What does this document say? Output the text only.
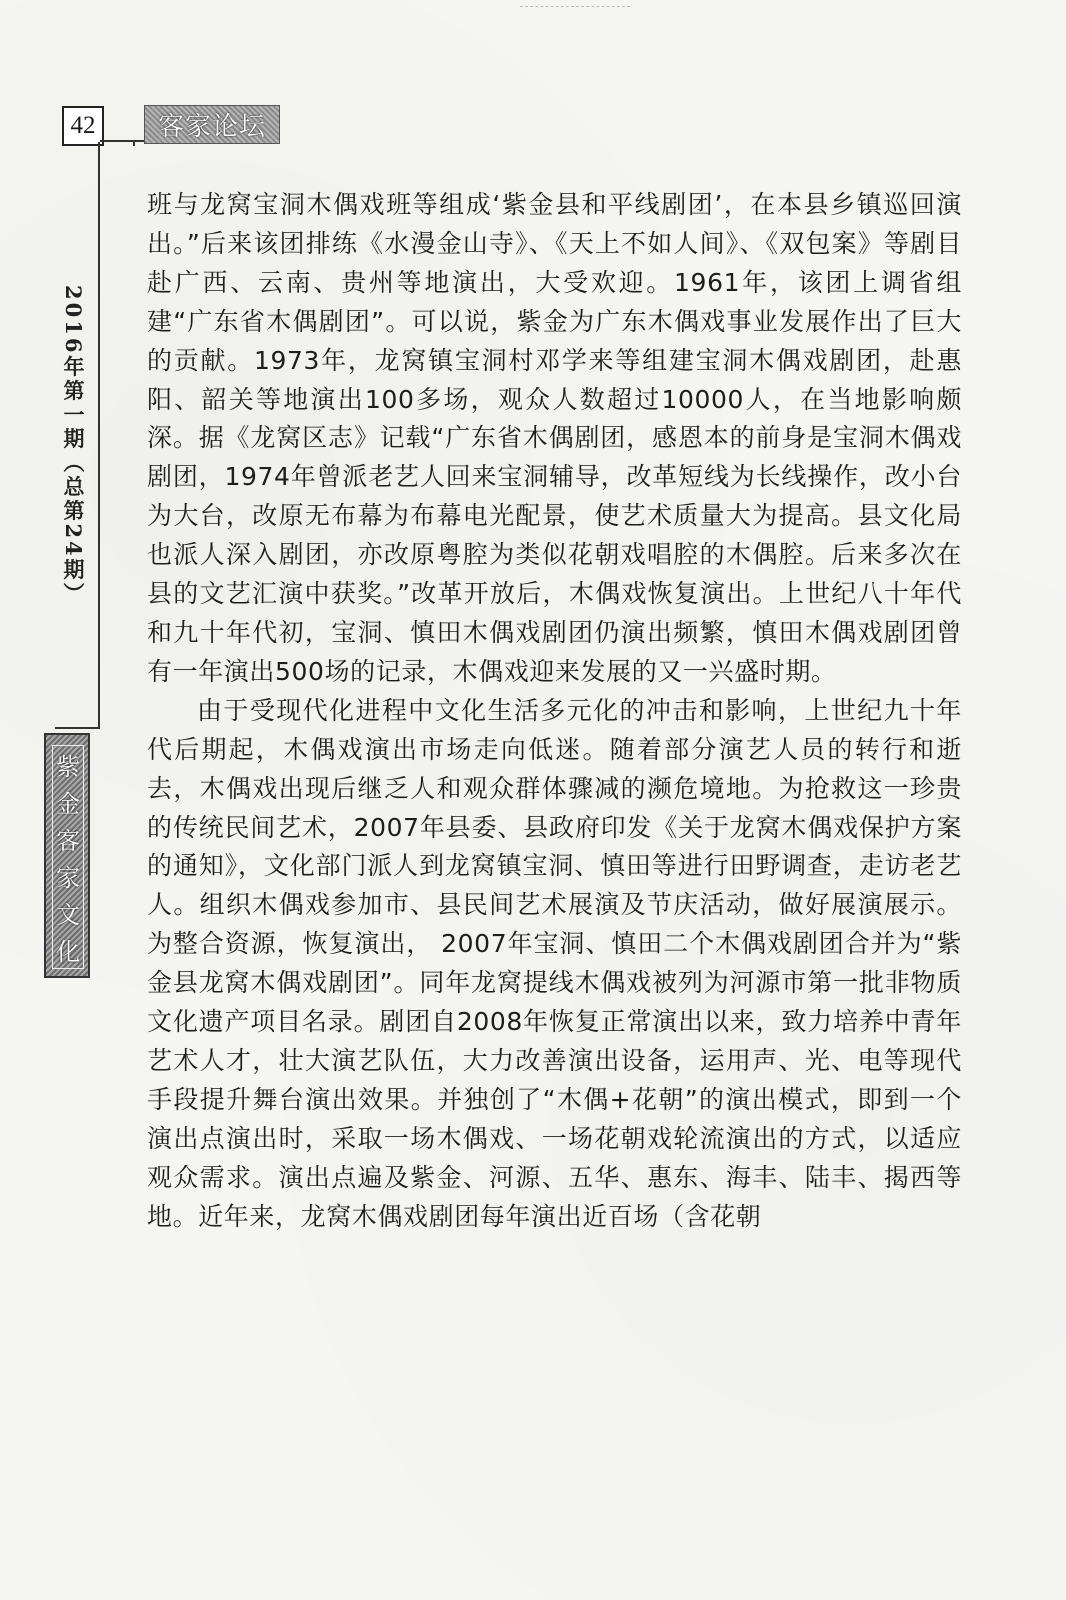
42 客家论坛
2016年第一期（总第24期）
紫
金
客
家
文
化

班与龙窝宝洞木偶戏班等组成‘紫金县和平线剧团’，在本县乡镇巡回演出。”后来该团排练《水漫金山寺》、《天上不如人间》、《双包案》等剧目赴广西、云南、贵州等地演出，大受欢迎。1961年，该团上调省组建“广东省木偶剧团”。可以说，紫金为广东木偶戏事业发展作出了巨大的贡献。1973年，龙窝镇宝洞村邓学来等组建宝洞木偶戏剧团，赴惠阳、韶关等地演出100多场，观众人数超过10000人，在当地影响颇深。据《龙窝区志》记载“广东省木偶剧团，感恩本的前身是宝洞木偶戏剧团，1974年曾派老艺人回来宝洞辅导，改革短线为长线操作，改小台为大台，改原无布幕为布幕电光配景，使艺术质量大为提高。县文化局也派人深入剧团，亦改原粤腔为类似花朝戏唱腔的木偶腔。后来多次在县的文艺汇演中获奖。”改革开放后，木偶戏恢复演出。上世纪八十年代和九十年代初，宝洞、慎田木偶戏剧团仍演出频繁，慎田木偶戏剧团曾有一年演出500场的记录，木偶戏迎来发展的又一兴盛时期。

由于受现代化进程中文化生活多元化的冲击和影响，上世纪九十年代后期起，木偶戏演出市场走向低迷。随着部分演艺人员的转行和逝去，木偶戏出现后继乏人和观众群体骤减的濒危境地。为抢救这一珍贵的传统民间艺术，2007年县委、县政府印发《关于龙窝木偶戏保护方案的通知》，文化部门派人到龙窝镇宝洞、慎田等进行田野调查，走访老艺人。组织木偶戏参加市、县民间艺术展演及节庆活动，做好展演展示。为整合资源，恢复演出， 2007年宝洞、慎田二个木偶戏剧团合并为“紫金县龙窝木偶戏剧团”。同年龙窝提线木偶戏被列为河源市第一批非物质文化遗产项目名录。剧团自2008年恢复正常演出以来，致力培养中青年艺术人才，壮大演艺队伍，大力改善演出设备，运用声、光、电等现代手段提升舞台演出效果。并独创了“木偶+花朝”的演出模式，即到一个演出点演出时，采取一场木偶戏、一场花朝戏轮流演出的方式，以适应观众需求。演出点遍及紫金、河源、五华、惠东、海丰、陆丰、揭西等地。近年来，龙窝木偶戏剧团每年演出近百场（含花朝
